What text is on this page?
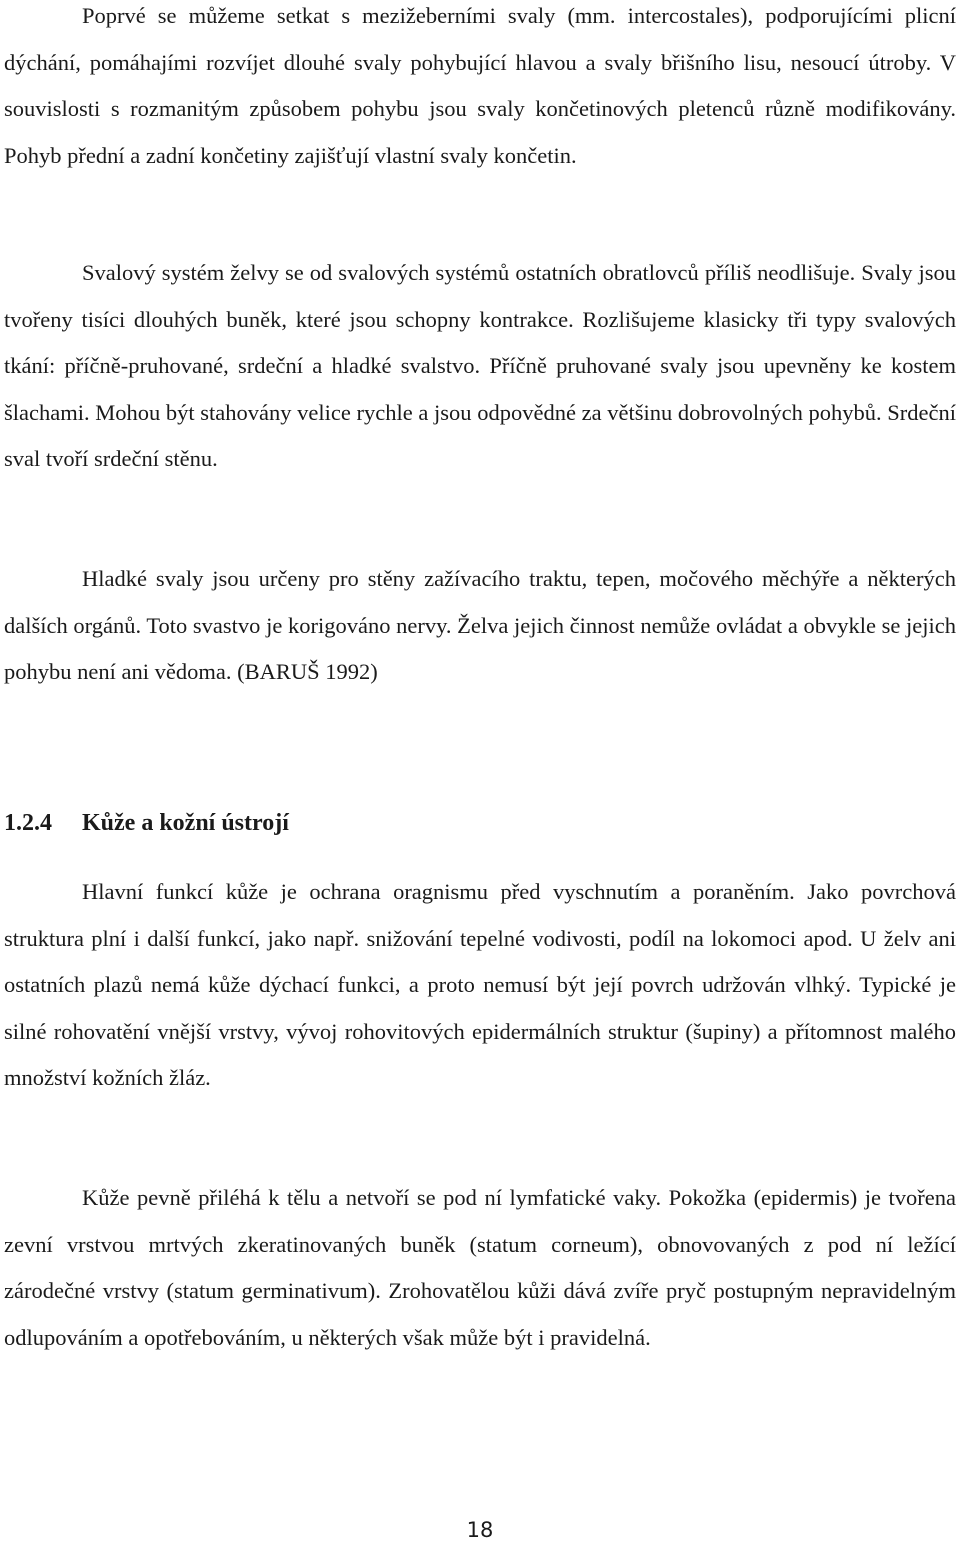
Poprvé se můžeme setkat s mezižeberními svaly (mm. intercostales), podporujícími plicní dýchání, pomáhajími rozvíjet dlouhé svaly pohybující hlavou a svaly břišního lisu, nesoucí útroby. V souvislosti s rozmanitým způsobem pohybu jsou svaly končetinových pletenců různě modifikovány. Pohyb přední a zadní končetiny zajišťují vlastní svaly končetin.

Svalový systém želvy se od svalových systémů ostatních obratlovců příliš neodlišuje. Svaly jsou tvořeny tisíci dlouhých buněk, které jsou schopny kontrakce. Rozlišujeme klasicky tři typy svalových tkání: příčně-pruhované, srdeční a hladké svalstvo. Příčně pruhované svaly jsou upevněny ke kostem šlachami. Mohou být stahovány velice rychle a jsou odpovědné za většinu dobrovolných pohybů. Srdeční sval tvoří srdeční stěnu.

Hladké svaly jsou určeny pro stěny zažívacího traktu, tepen, močového měchýře a některých dalších orgánů. Toto svastvo je korigováno nervy. Želva jejich činnost nemůže ovládat a obvykle se jejich pohybu není ani vědoma. (BARUŠ 1992)

1.2.4 Kůže a kožní ústrojí

Hlavní funkcí kůže je ochrana oragnismu před vyschnutím a poraněním. Jako povrchová struktura plní i další funkcí, jako např. snižování tepelné vodivosti, podíl na lokomoci apod. U želv ani ostatních plazů nemá kůže dýchací funkci, a proto nemusí být její povrch udržován vlhký. Typické je silné rohovatění vnější vrstvy, vývoj rohovitových epidermálních struktur (šupiny) a přítomnost malého množství kožních žláz.

Kůže pevně přiléhá k tělu a netvoří se pod ní lymfatické vaky. Pokožka (epidermis) je tvořena zevní vrstvou mrtvých zkeratinovaných buněk (statum corneum), obnovovaných z pod ní ležící zárodečné vrstvy (statum germinativum). Zrohovatělou kůži dává zvíře pryč postupným nepravidelným odlupováním a opotřebováním, u některých však může být i pravidelná.

18
